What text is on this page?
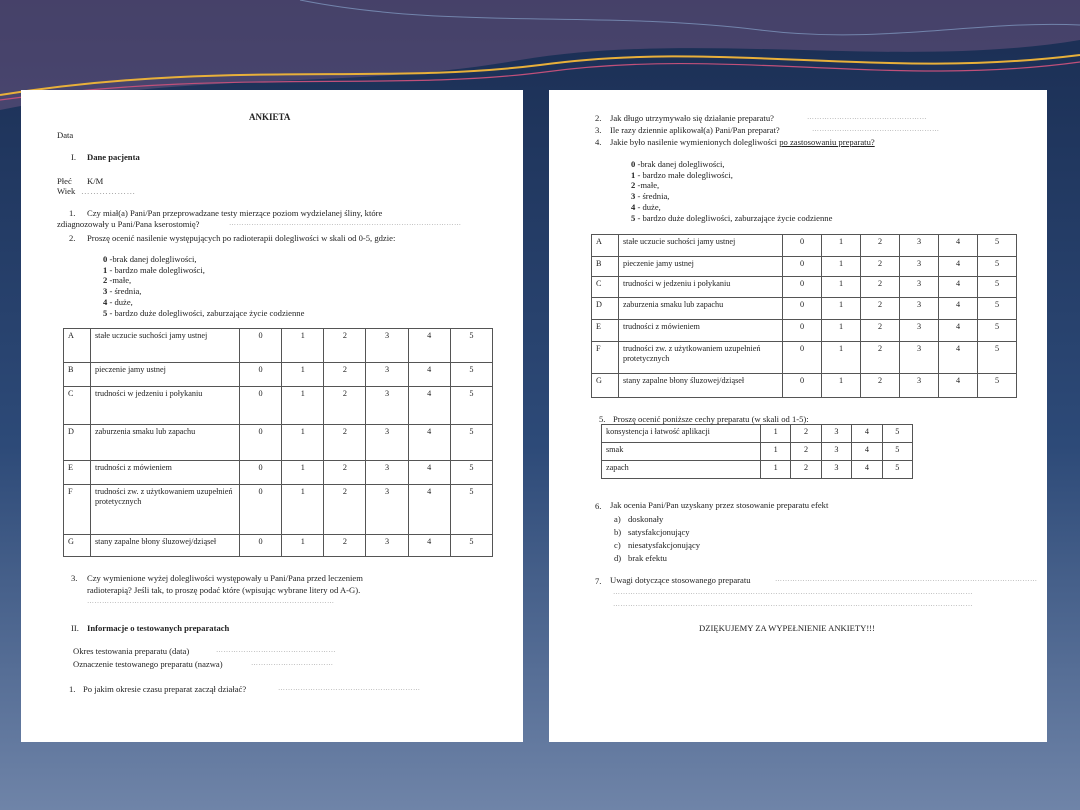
ANKIETA
Data
I. Dane pacjenta
Płeć K/M
Wiek ………………
1. Czy miał(a) Pani/Pan przeprowadzane testy mierzące poziom wydzielanej śliny, które
zdiagnozowały u Pani/Pana kserostomię?	…………………………………………………………………………………
2. Proszę ocenić nasilenie występujących po radioterapii dolegliwości w skali od 0-5, gdzie:
0 -brak danej dolegliwości,
1 - bardzo małe dolegliwości,
2 -małe,
3 - średnia,
4 - duże,
5 - bardzo duże dolegliwości, zaburzające życie codzienne
A	stałe uczucie suchości jamy ustnej	0	1	2	3	4	5
B	pieczenie jamy ustnej	0	1	2	3	4	5
C	trudności w jedzeniu i połykaniu	0	1	2	3	4	5
D	zaburzenia smaku lub zapachu	0	1	2	3	4	5
E	trudności z mówieniem	0	1	2	3	4	5
F	trudności zw. z użytkowaniem uzupełnień protetycznych	0	1	2	3	4	5
G	stany zapalne błony śluzowej/dziąseł	0	1	2	3	4	5
3. Czy wymienione wyżej dolegliwości występowały u Pani/Pana przed leczeniem
radioterapią? Jeśli tak, to proszę podać które (wpisując wybrane litery od A-G).
………………………………………………………………………………………
II. Informacje o testowanych preparatach
Okres testowania preparatu (data)	…………………………………………
Oznaczenie testowanego preparatu (nazwa)	……………………………
1. Po jakim okresie czasu preparat zaczął działać?	…………………………………………………
2. Jak długo utrzymywało się działanie preparatu?	…………………………………………
3. Ile razy dziennie aplikował(a) Pani/Pan preparat?	……………………………………………
4. Jakie było nasilenie wymienionych dolegliwości po zastosowaniu preparatu?
0 -brak danej dolegliwości,
1 - bardzo małe dolegliwości,
2 -małe,
3 - średnia,
4 - duże,
5 - bardzo duże dolegliwości, zaburzające życie codzienne
A	stałe uczucie suchości jamy ustnej	0	1	2	3	4	5
B	pieczenie jamy ustnej	0	1	2	3	4	5
C	trudności w jedzeniu i połykaniu	0	1	2	3	4	5
D	zaburzenia smaku lub zapachu	0	1	2	3	4	5
E	trudności z mówieniem	0	1	2	3	4	5
F	trudności zw. z użytkowaniem uzupełnień protetycznych	0	1	2	3	4	5
G	stany zapalne błony śluzowej/dziąseł	0	1	2	3	4	5
5. Proszę ocenić poniższe cechy preparatu (w skali od 1-5):
konsystencja i łatwość aplikacji	1	2	3	4	5
smak	1	2	3	4	5
zapach	1	2	3	4	5
6. Jak ocenia Pani/Pan uzyskany przez stosowanie preparatu efekt
a) doskonały
b) satysfakcjonujący
c) niesatysfakcjonujący
d) brak efektu
7. Uwagi dotyczące stosowanego preparatu	……………………………………………………………………………………………
………………………………………………………………………………………………………………………………
………………………………………………………………………………………………………………………………
DZIĘKUJEMY ZA WYPEŁNIENIE ANKIETY!!!
